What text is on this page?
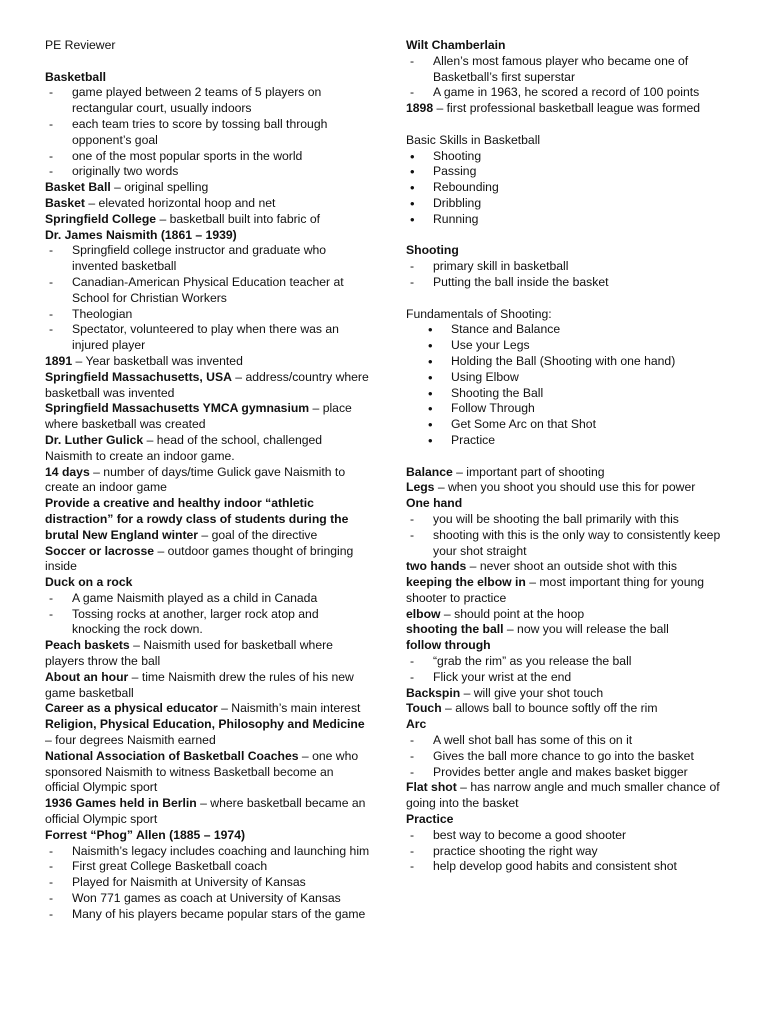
PE Reviewer

Basketball

- game played between 2 teams of 5 players on rectangular court, usually indoors
- each team tries to score by tossing ball through opponent’s goal
- one of the most popular sports in the world
- originally two words

Basket Ball – original spelling

Basket – elevated horizontal hoop and net

Springfield College – basketball built into fabric of

Dr. James Naismith (1861 – 1939)

- Springfield college instructor and graduate who invented basketball
- Canadian-American Physical Education teacher at School for Christian Workers
- Theologian
- Spectator, volunteered to play when there was an injured player

1891 – Year basketball was invented

Springfield Massachusetts, USA – address/country where basketball was invented

Springfield Massachusetts YMCA gymnasium – place where basketball was created

Dr. Luther Gulick – head of the school, challenged Naismith to create an indoor game.

14 days – number of days/time Gulick gave Naismith to create an indoor game

Provide a creative and healthy indoor “athletic distraction” for a rowdy class of students during the brutal New England winter – goal of the directive

Soccer or lacrosse – outdoor games thought of bringing inside

Duck on a rock

- A game Naismith played as a child in Canada
- Tossing rocks at another, larger rock atop and knocking the rock down.

Peach baskets – Naismith used for basketball where players throw the ball

About an hour – time Naismith drew the rules of his new game basketball

Career as a physical educator – Naismith’s main interest

Religion, Physical Education, Philosophy and Medicine – four degrees Naismith earned

National Association of Basketball Coaches – one who sponsored Naismith to witness Basketball become an official Olympic sport

1936 Games held in Berlin – where basketball became an official Olympic sport

Forrest “Phog” Allen (1885 – 1974)

- Naismith’s legacy includes coaching and launching him
- First great College Basketball coach
- Played for Naismith at University of Kansas
- Won 771 games as coach at University of Kansas
- Many of his players became popular stars of the game

Wilt Chamberlain

- Allen’s most famous player who became one of Basketball’s first superstar
- A game in 1963, he scored a record of 100 points

1898 – first professional basketball league was formed

Basic Skills in Basketball

• Shooting
• Passing
• Rebounding
• Dribbling
• Running

Shooting

- primary skill in basketball
- Putting the ball inside the basket

Fundamentals of Shooting:

• Stance and Balance
• Use your Legs
• Holding the Ball (Shooting with one hand)
• Using Elbow
• Shooting the Ball
• Follow Through
• Get Some Arc on that Shot
• Practice

Balance – important part of shooting

Legs – when you shoot you should use this for power

One hand

- you will be shooting the ball primarily with this
- shooting with this is the only way to consistently keep your shot straight

two hands – never shoot an outside shot with this

keeping the elbow in – most important thing for young shooter to practice

elbow – should point at the hoop

shooting the ball – now you will release the ball

follow through

- “grab the rim” as you release the ball
- Flick your wrist at the end

Backspin – will give your shot touch

Touch – allows ball to bounce softly off the rim

Arc

- A well shot ball has some of this on it
- Gives the ball more chance to go into the basket
- Provides better angle and makes basket bigger

Flat shot – has narrow angle and much smaller chance of going into the basket

Practice

- best way to become a good shooter
- practice shooting the right way
- help develop good habits and consistent shot
